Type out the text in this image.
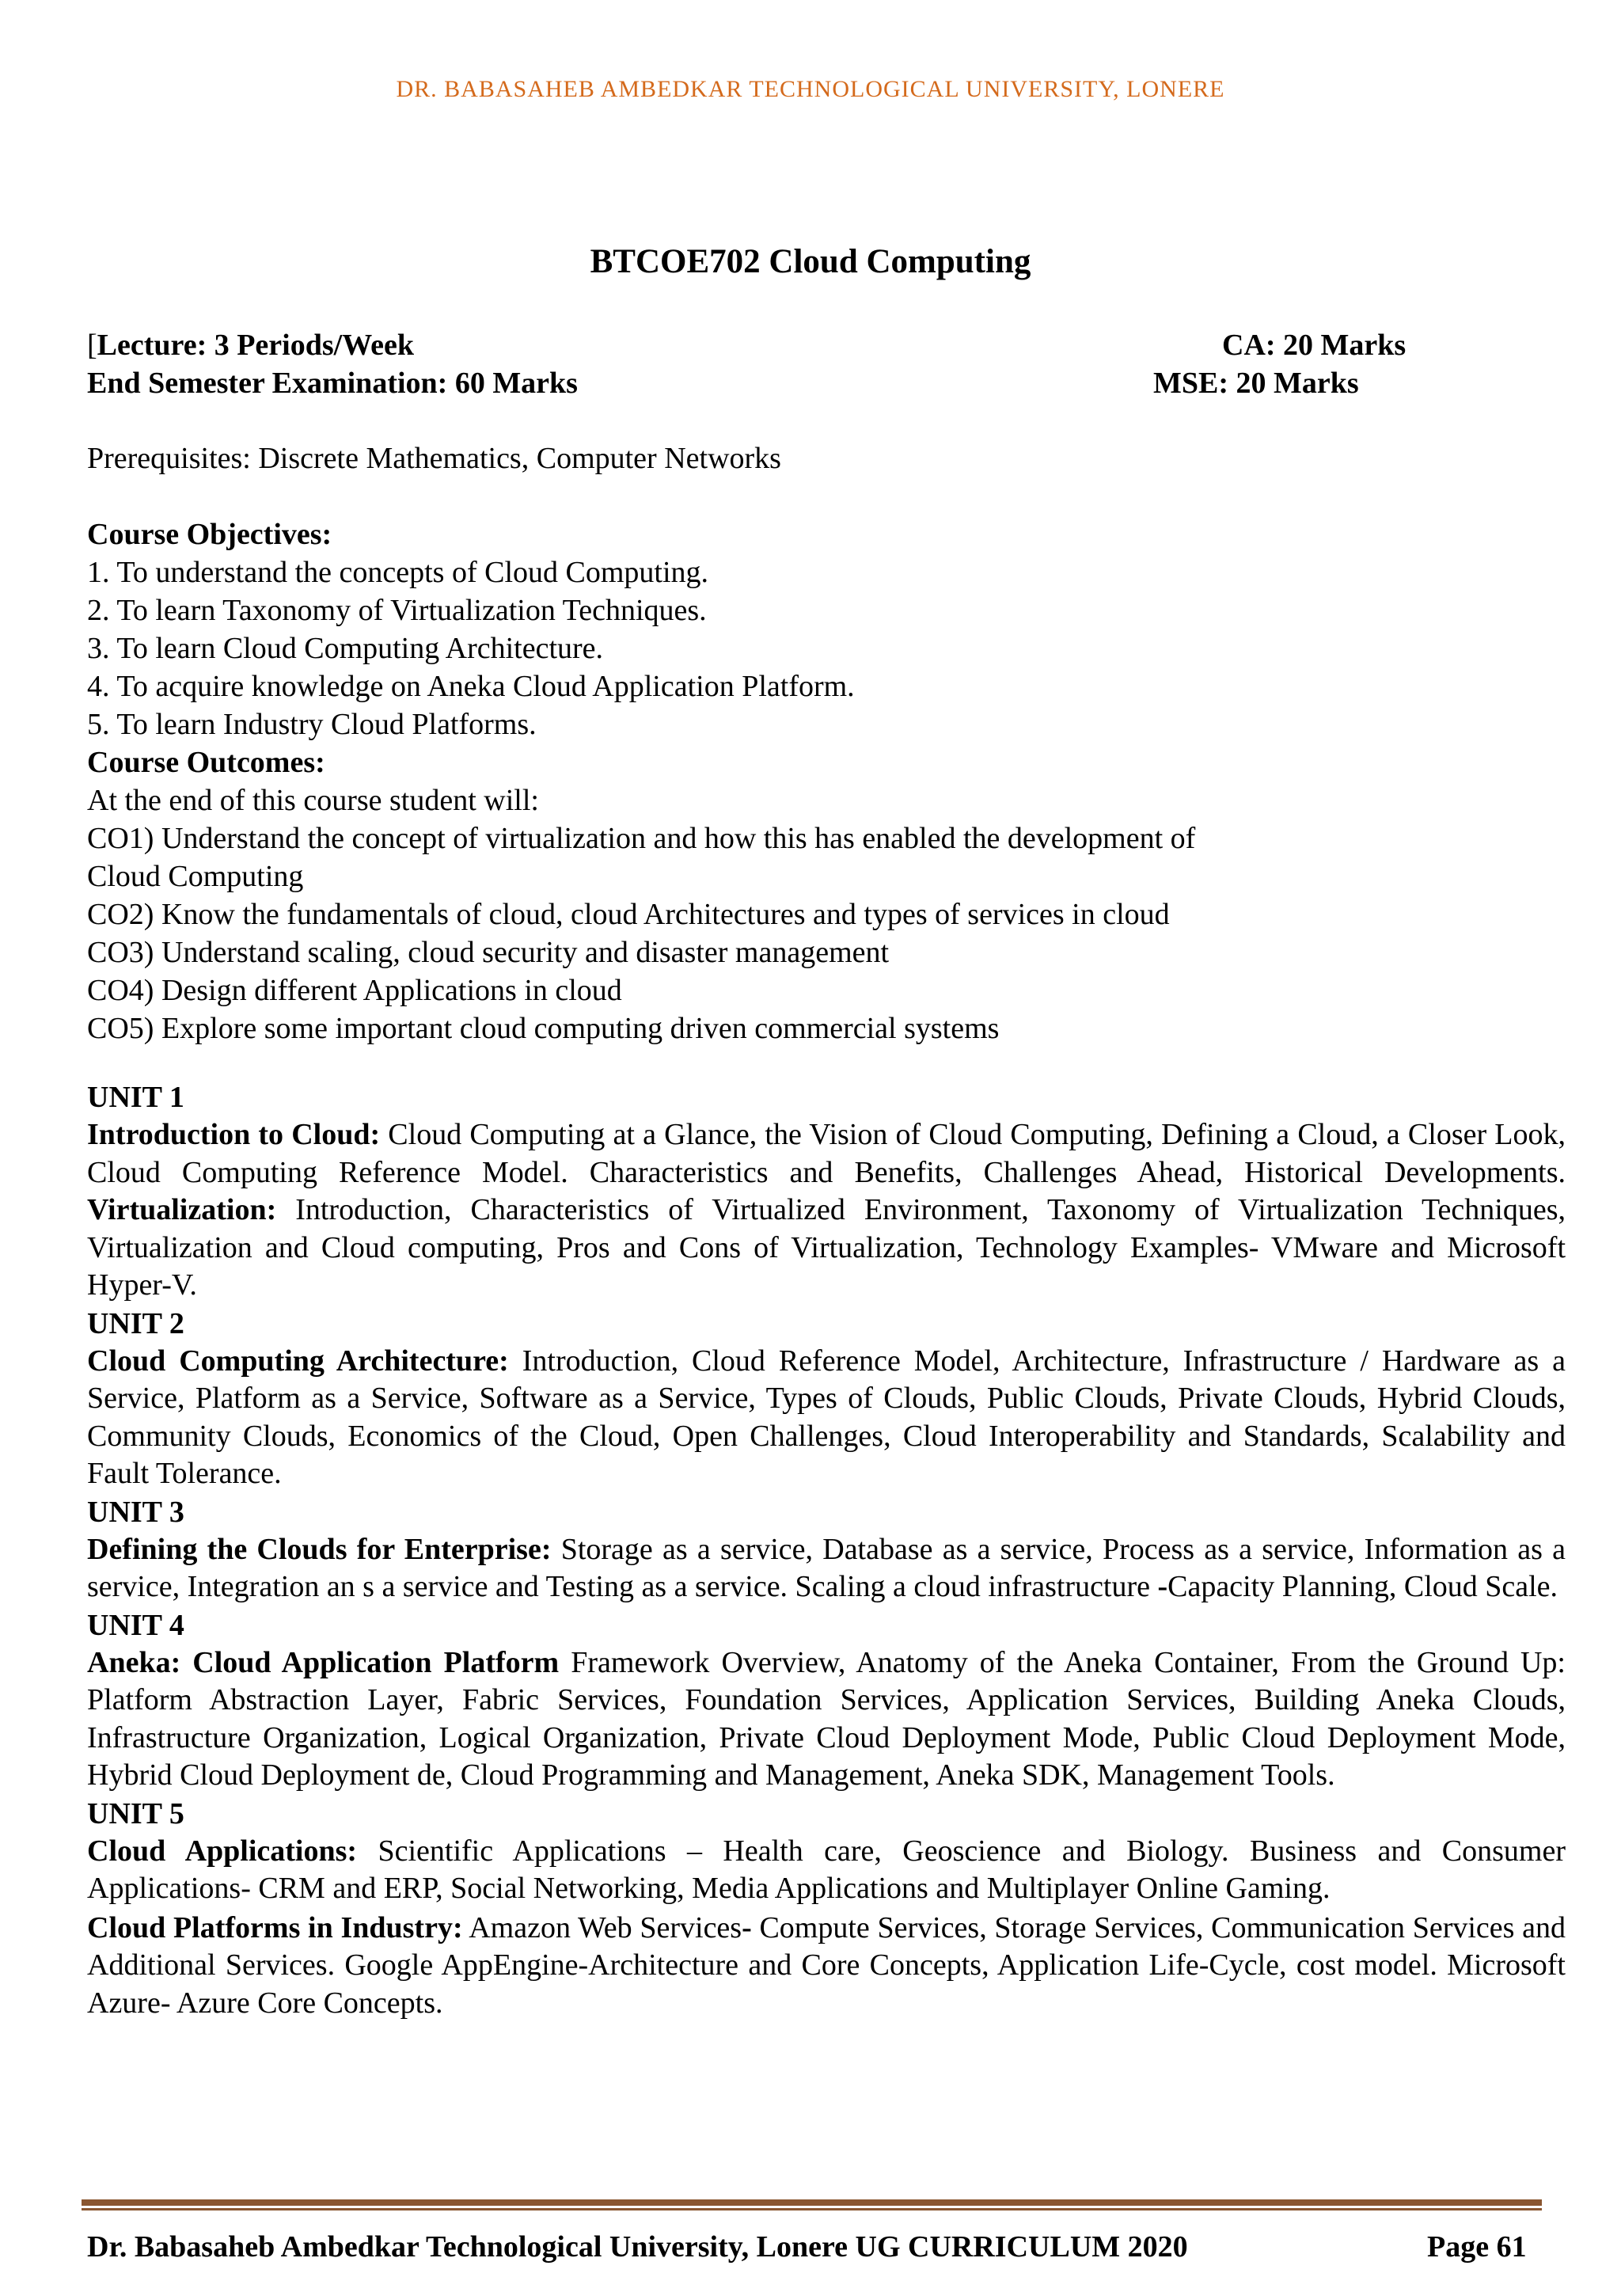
DR. BABASAHEB AMBEDKAR TECHNOLOGICAL UNIVERSITY, LONERE
BTCOE702 Cloud Computing
[Lecture: 3 Periods/Week	CA: 20 Marks
End Semester Examination: 60 Marks	MSE: 20 Marks
Prerequisites: Discrete Mathematics, Computer Networks
Course Objectives:
1. To understand the concepts of Cloud Computing.
2. To learn Taxonomy of Virtualization Techniques.
3. To learn Cloud Computing Architecture.
4. To acquire knowledge on Aneka Cloud Application Platform.
5. To learn Industry Cloud Platforms.
Course Outcomes:
At the end of this course student will:
CO1) Understand the concept of virtualization and how this has enabled the development of
Cloud Computing
CO2) Know the fundamentals of cloud, cloud Architectures and types of services in cloud
CO3) Understand scaling, cloud security and disaster management
CO4) Design different Applications in cloud
CO5) Explore some important cloud computing driven commercial systems
UNIT 1
Introduction to Cloud: Cloud Computing at a Glance, the Vision of Cloud Computing, Defining a Cloud, a Closer Look, Cloud Computing Reference Model. Characteristics and Benefits, Challenges Ahead, Historical Developments. Virtualization: Introduction, Characteristics of Virtualized Environment, Taxonomy of Virtualization Techniques, Virtualization and Cloud computing, Pros and Cons of Virtualization, Technology Examples- VMware and Microsoft Hyper-V.
UNIT 2
Cloud Computing Architecture: Introduction, Cloud Reference Model, Architecture, Infrastructure / Hardware as a Service, Platform as a Service, Software as a Service, Types of Clouds, Public Clouds, Private Clouds, Hybrid Clouds, Community Clouds, Economics of the Cloud, Open Challenges, Cloud Interoperability and Standards, Scalability and Fault Tolerance.
UNIT 3
Defining the Clouds for Enterprise: Storage as a service, Database as a service, Process as a service, Information as a service, Integration an s a service and Testing as a service. Scaling a cloud infrastructure -Capacity Planning, Cloud Scale.
UNIT 4
Aneka: Cloud Application Platform Framework Overview, Anatomy of the Aneka Container, From the Ground Up: Platform Abstraction Layer, Fabric Services, Foundation Services, Application Services, Building Aneka Clouds, Infrastructure Organization, Logical Organization, Private Cloud Deployment Mode, Public Cloud Deployment Mode, Hybrid Cloud Deployment de, Cloud Programming and Management, Aneka SDK, Management Tools.
UNIT 5
Cloud Applications: Scientific Applications – Health care, Geoscience and Biology. Business and Consumer Applications- CRM and ERP, Social Networking, Media Applications and Multiplayer Online Gaming.
Cloud Platforms in Industry: Amazon Web Services- Compute Services, Storage Services, Communication Services and Additional Services. Google AppEngine-Architecture and Core Concepts, Application Life-Cycle, cost model. Microsoft Azure- Azure Core Concepts.
Dr. Babasaheb Ambedkar Technological University, Lonere UG CURRICULUM 2020	Page 61
